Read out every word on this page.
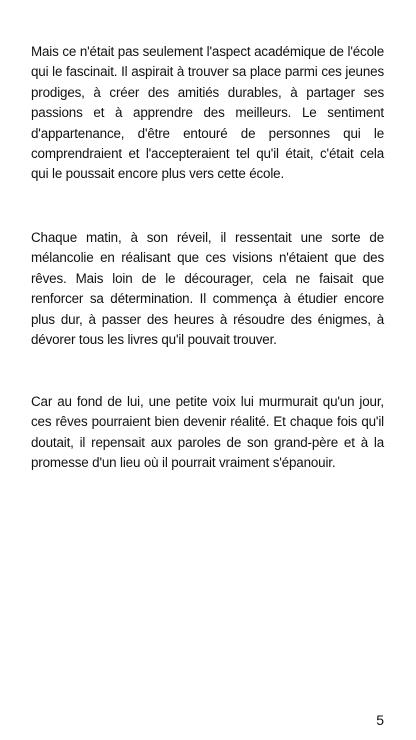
Mais ce n'était pas seulement l'aspect académique de l'école qui le fascinait. Il aspirait à trouver sa place parmi ces jeunes prodiges, à créer des amitiés durables, à partager ses passions et à apprendre des meilleurs. Le sentiment d'appartenance, d'être entouré de personnes qui le comprendraient et l'accepteraient tel qu'il était, c'était cela qui le poussait encore plus vers cette école.

Chaque matin, à son réveil, il ressentait une sorte de mélancolie en réalisant que ces visions n'étaient que des rêves. Mais loin de le décourager, cela ne faisait que renforcer sa détermination. Il commença à étudier encore plus dur, à passer des heures à résoudre des énigmes, à dévorer tous les livres qu'il pouvait trouver.

Car au fond de lui, une petite voix lui murmurait qu'un jour, ces rêves pourraient bien devenir réalité. Et chaque fois qu'il doutait, il repensait aux paroles de son grand-père et à la promesse d'un lieu où il pourrait vraiment s'épanouir.

5
